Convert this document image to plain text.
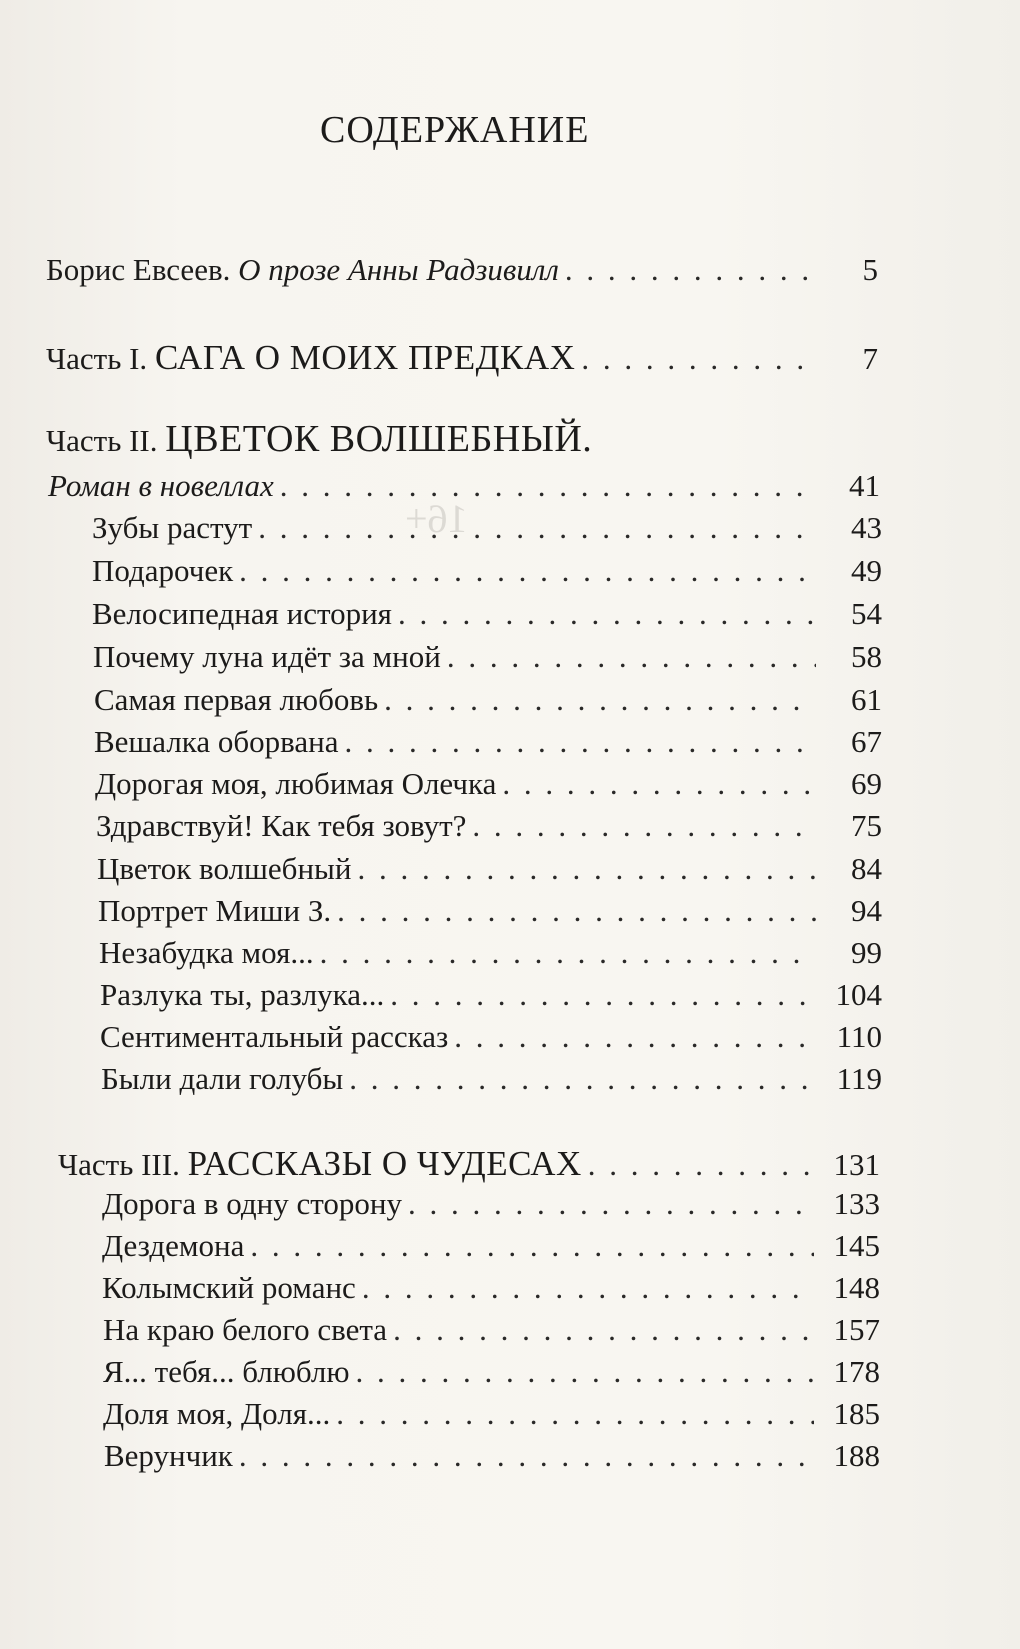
16+
СОДЕРЖАНИЕ
Борис Евсеев. О прозе Анны Радзивилл . . .	5
Часть I. САГА О МОИХ ПРЕДКАХ . . .	7
Часть II. ЦВЕТОК ВОЛШЕБНЫЙ.
Роман в новеллах . . .	41
Зубы растут . . .	43
Подарочек . . .	49
Велосипедная история . . .	54
Почему луна идёт за мной . . .	58
Самая первая любовь . . .	61
Вешалка оборвана . . .	67
Дорогая моя, любимая Олечка . . .	69
Здравствуй! Как тебя зовут? . . .	75
Цветок волшебный . . .	84
Портрет Миши З. . . .	94
Незабудка моя... . . .	99
Разлука ты, разлука... . . .	104
Сентиментальный рассказ . . .	110
Были дали голубы . . .	119
Часть III. РАССКАЗЫ О ЧУДЕСАХ . . .	131
Дорога в одну сторону . . .	133
Дездемона . . .	145
Колымский романс . . .	148
На краю белого света . . .	157
Я... тебя... блюблю . . .	178
Доля моя, Доля... . . .	185
Верунчик . . .	188
